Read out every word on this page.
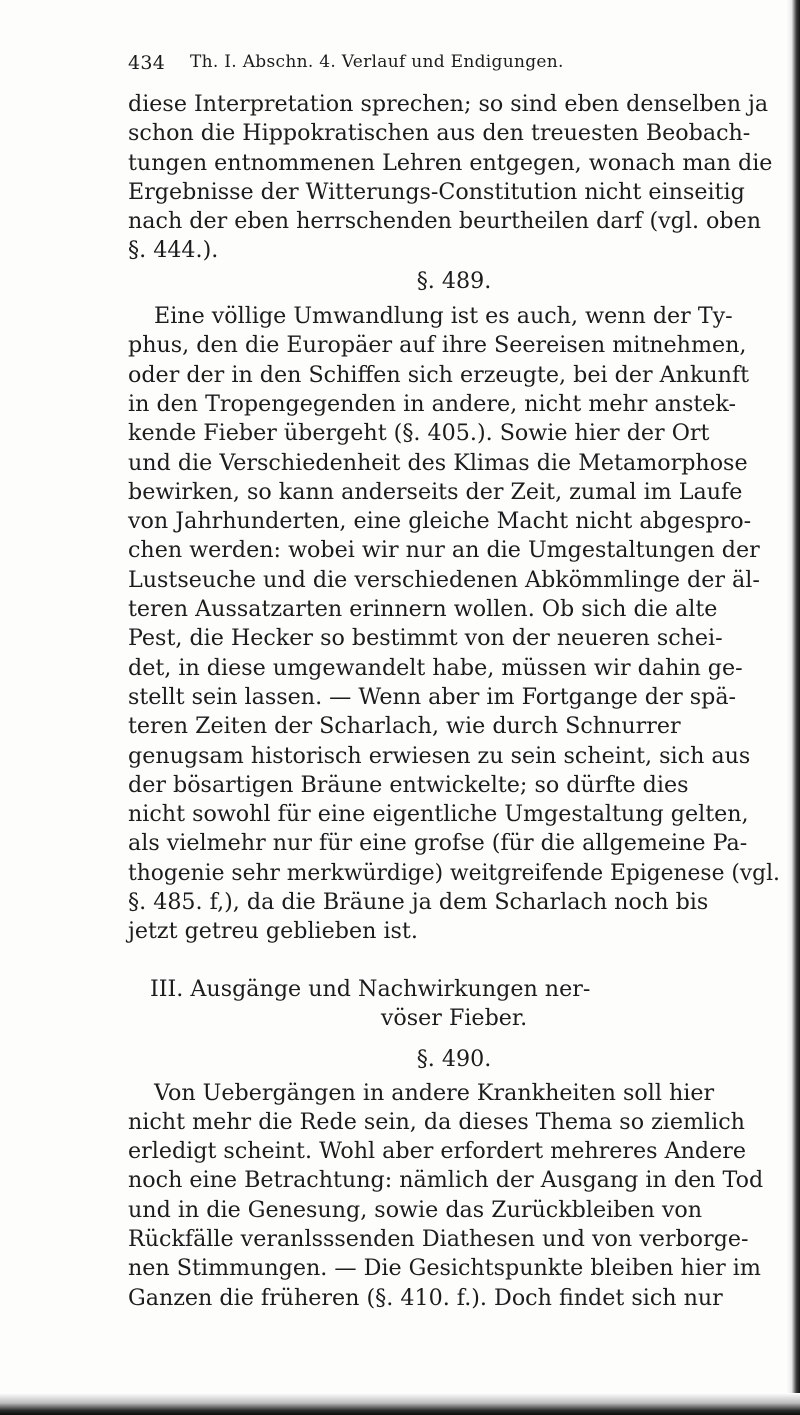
434 Th. I. Abschn. 4. Verlauf und Endigungen.
diese Interpretation sprechen; so sind eben denselben ja
schon die Hippokratischen aus den treuesten Beobach-
tungen entnommenen Lehren entgegen, wonach man die
Ergebnisse der Witterungs-Constitution nicht einseitig
nach der eben herrschenden beurtheilen darf (vgl. oben
§. 444.).
§. 489.
Eine völlige Umwandlung ist es auch, wenn der Ty-
phus, den die Europäer auf ihre Seereisen mitnehmen,
oder der in den Schiffen sich erzeugte, bei der Ankunft
in den Tropengegenden in andere, nicht mehr anstek-
kende Fieber übergeht (§. 405.). Sowie hier der Ort
und die Verschiedenheit des Klimas die Metamorphose
bewirken, so kann anderseits der Zeit, zumal im Laufe
von Jahrhunderten, eine gleiche Macht nicht abgespro-
chen werden: wobei wir nur an die Umgestaltungen der
Lustseuche und die verschiedenen Abkömmlinge der äl-
teren Aussatzarten erinnern wollen. Ob sich die alte
Pest, die Hecker so bestimmt von der neueren schei-
det, in diese umgewandelt habe, müssen wir dahin ge-
stellt sein lassen. — Wenn aber im Fortgange der spä-
teren Zeiten der Scharlach, wie durch Schnurrer
genugsam historisch erwiesen zu sein scheint, sich aus
der bösartigen Bräune entwickelte; so dürfte dies
nicht sowohl für eine eigentliche Umgestaltung gelten,
als vielmehr nur für eine grofse (für die allgemeine Pa-
thogenie sehr merkwürdige) weitgreifende Epigenese (vgl.
§. 485. f,), da die Bräune ja dem Scharlach noch bis
jetzt getreu geblieben ist.
III. Ausgänge und Nachwirkungen ner-
vöser Fieber.
§. 490.
Von Uebergängen in andere Krankheiten soll hier
nicht mehr die Rede sein, da dieses Thema so ziemlich
erledigt scheint. Wohl aber erfordert mehreres Andere
noch eine Betrachtung: nämlich der Ausgang in den Tod
und in die Genesung, sowie das Zurückbleiben von
Rückfälle veranlsssenden Diathesen und von verborge-
nen Stimmungen. — Die Gesichtspunkte bleiben hier im
Ganzen die früheren (§. 410. f.). Doch findet sich nur
